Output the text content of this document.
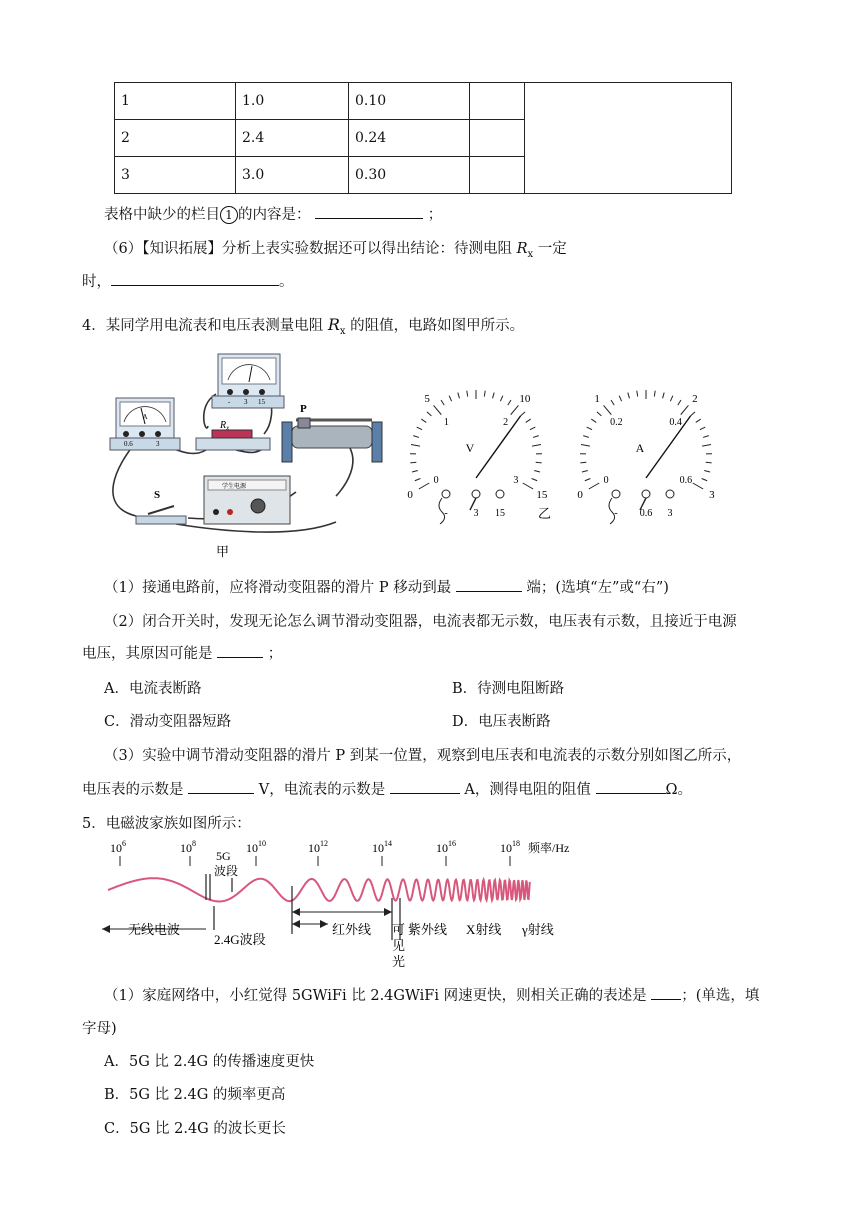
1	1.0	0.10		
2	2.4	0.24		
3	3.0	0.30		
表格中缺少的栏目 1 的内容是：	；
（6）【知识拓展】分析上表实验数据还可以得出结论：待测电阻 $R_x$ 一定
时，	。
4．某同学用电流表和电压表测量电阻 $R_x$ 的阻值，电路如图甲所示。
A
0.6	3
- 3 15
$R_x$
P
学生电源
S
甲
0
0
5
1
10
2
15
3
V
-	3 15
0
0
1
0.2
2
0.4
3
0.6
A
- 0.6 3
乙
（1）接通电路前，应将滑动变阻器的滑片 P 移动到最	端；(选填“左”或“右”)
（2）闭合开关时，发现无论怎么调节滑动变阻器，电流表都无示数，电压表有示数，且接近于电源
电压，其原因可能是	；
A．电流表断路	B．待测电阻断路
C．滑动变阻器短路	D．电压表断路
（3）实验中调节滑动变阻器的滑片 P 到某一位置，观察到电压表和电流表的示数分别如图乙所示，
电压表的示数是	V，电流表的示数是	A，测得电阻的阻值	Ω。
5．电磁波家族如图所示：
$10^6$	$10^8$	$10^{10}$	$10^{12}$	$10^{14}$	$10^{16}$	$10^{18}$ 频率/Hz
5G
波段
无线电波
2.4G波段
红外线 可
见
光
紫外线 X射线 γ射线
（1）家庭网络中，小红觉得 5GWiFi 比 2.4GWiFi 网速更快，则相关正确的表述是 ；(单选，填
字母)
A．5G 比 2.4G 的传播速度更快
B．5G 比 2.4G 的频率更高
C．5G 比 2.4G 的波长更长
